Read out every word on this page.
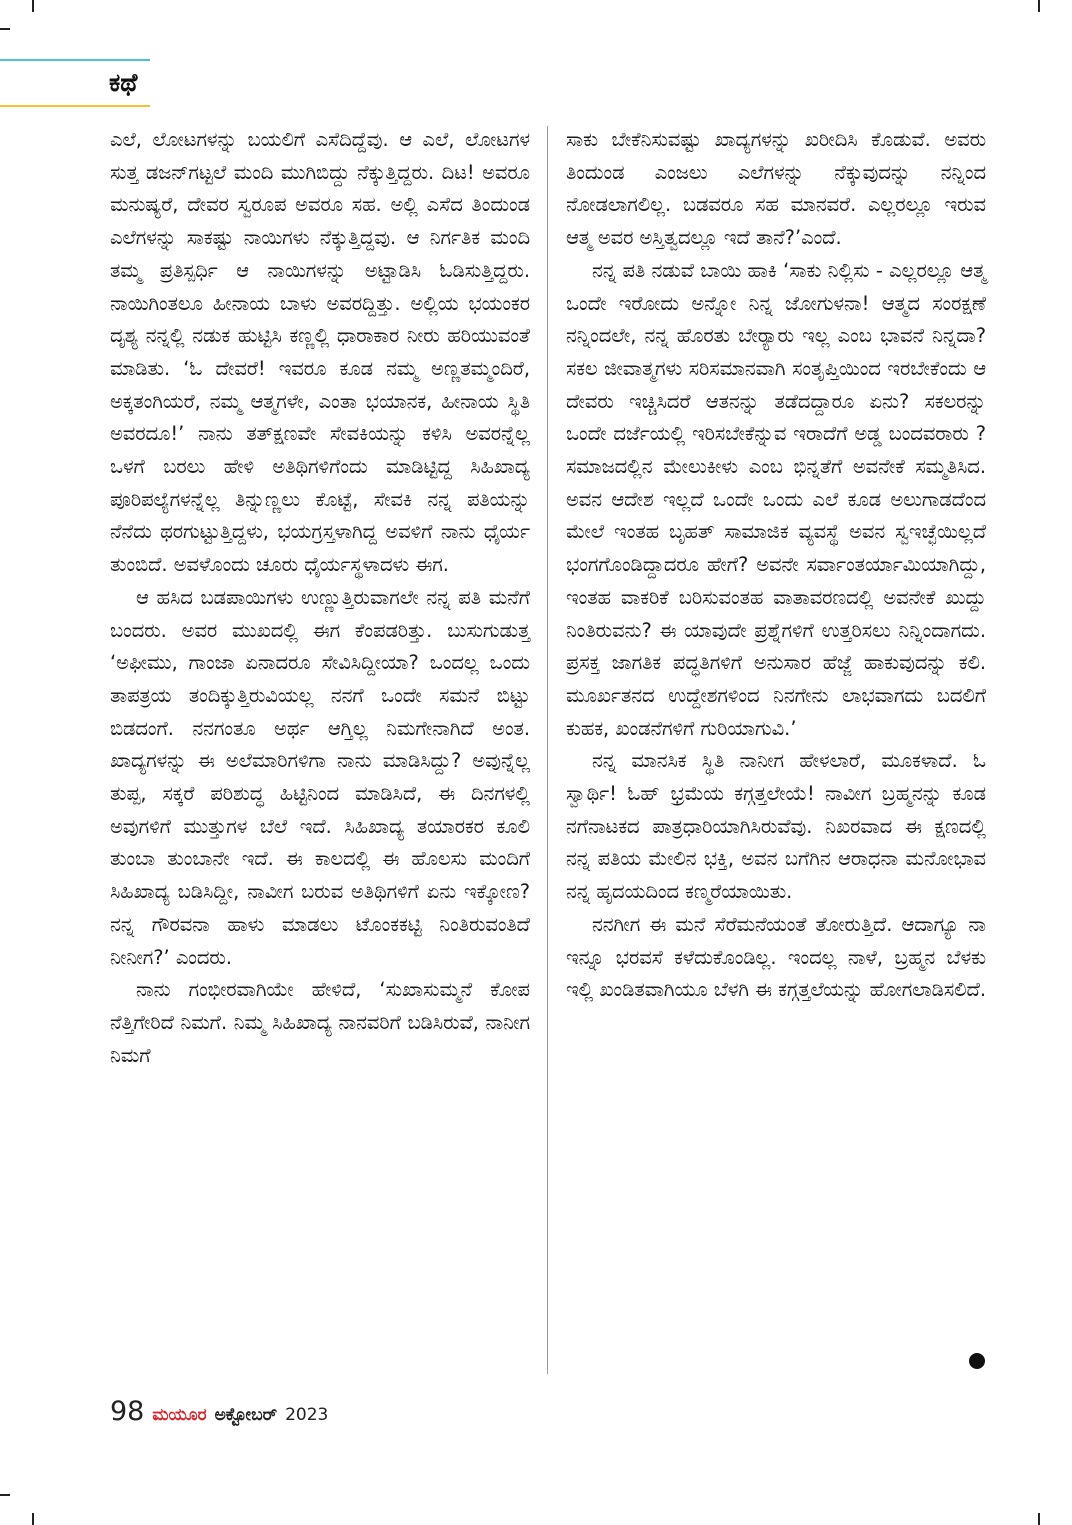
ಕಥೆ

ಎಲೆ, ಲೋಟಗಳನ್ನು ಬಯಲಿಗೆ ಎಸೆದಿದ್ದೆವು. ಆ ಎಲೆ, ಲೋಟಗಳ ಸುತ್ತ ಡಜನ್‌ಗಟ್ಟಲೆ ಮಂದಿ ಮುಗಿಬಿದ್ದು ನೆಕ್ಕುತ್ತಿದ್ದರು. ದಿಟ! ಅವರೂ ಮನುಷ್ಯರೆ, ದೇವರ ಸ್ವರೂಪ ಅವರೂ ಸಹ. ಅಲ್ಲಿ ಎಸೆದ ತಿಂದುಂಡ ಎಲೆಗಳನ್ನು ಸಾಕಷ್ಟು ನಾಯಿಗಳು ನೆಕ್ಕುತ್ತಿದ್ದವು. ಆ ನಿರ್ಗತಿಕ ಮಂದಿ ತಮ್ಮ ಪ್ರತಿಸ್ಪರ್ಧಿ ಆ ನಾಯಿಗಳನ್ನು ಅಟ್ಟಾಡಿಸಿ ಓಡಿಸುತ್ತಿದ್ದರು. ನಾಯಿಗಿಂತಲೂ ಹೀನಾಯ ಬಾಳು ಅವರದ್ದಿತ್ತು. ಅಲ್ಲಿಯ ಭಯಂಕರ ದೃಶ್ಯ ನನ್ನಲ್ಲಿ ನಡುಕ ಹುಟ್ಟಿಸಿ ಕಣ್ಣಲ್ಲಿ ಧಾರಾಕಾರ ನೀರು ಹರಿಯುವಂತೆ ಮಾಡಿತು. ‘ಓ ದೇವರೆ! ಇವರೂ ಕೂಡ ನಮ್ಮ ಅಣ್ಣತಮ್ಮಂದಿರೆ, ಅಕ್ಕತಂಗಿಯರೆ, ನಮ್ಮ ಆತ್ಮಗಳೇ, ಎಂತಾ ಭಯಾನಕ, ಹೀನಾಯ ಸ್ಥಿತಿ ಅವರದೂ!’ ನಾನು ತತ್‌ಕ್ಷಣವೇ ಸೇವಕಿಯನ್ನು ಕಳಿಸಿ ಅವರನ್ನೆಲ್ಲ ಒಳಗೆ ಬರಲು ಹೇಳಿ ಅತಿಥಿಗಳಿಗೆಂದು ಮಾಡಿಟ್ಟಿದ್ದ ಸಿಹಿಖಾದ್ಯ ಪೂರಿಪಲ್ಯೆಗಳನ್ನೆಲ್ಲ ತಿನ್ನುಣ್ಣಲು ಕೊಟ್ಟೆ, ಸೇವಕಿ ನನ್ನ ಪತಿಯನ್ನು ನೆನೆದು ಥರಗುಟ್ಟುತ್ತಿದ್ದಳು, ಭಯಗ್ರಸ್ತಳಾಗಿದ್ದ ಅವಳಿಗೆ ನಾನು ಧೈರ್ಯ ತುಂಬಿದೆ. ಅವಳೊಂದು ಚೂರು ಧೈರ್ಯಸ್ಥಳಾದಳು ಈಗ.

ಆ ಹಸಿದ ಬಡಪಾಯಿಗಳು ಉಣ್ಣುತ್ತಿರುವಾಗಲೇ ನನ್ನ ಪತಿ ಮನೆಗೆ ಬಂದರು. ಅವರ ಮುಖದಲ್ಲಿ ಈಗ ಕೆಂಪಡರಿತ್ತು. ಬುಸುಗುಡುತ್ತ ‘ಅಫೀಮು, ಗಾಂಜಾ ಏನಾದರೂ ಸೇವಿಸಿದ್ದೀಯಾ? ಒಂದಲ್ಲ ಒಂದು ತಾಪತ್ರಯ ತಂದಿಕ್ಕುತ್ತಿರುವಿಯಲ್ಲ ನನಗೆ ಒಂದೇ ಸಮನೆ ಬಿಟ್ಟು ಬಿಡದಂಗೆ. ನನಗಂತೂ ಅರ್ಥ ಆಗ್ತಿಲ್ಲ ನಿಮಗೇನಾಗಿದೆ ಅಂತ. ಖಾದ್ಯಗಳನ್ನು ಈ ಅಲೆಮಾರಿಗಳಿಗಾ ನಾನು ಮಾಡಿಸಿದ್ದು? ಅವುನ್ನೆಲ್ಲ ತುಪ್ಪ, ಸಕ್ಕರೆ ಪರಿಶುದ್ಧ ಹಿಟ್ಟಿನಿಂದ ಮಾಡಿಸಿದೆ, ಈ ದಿನಗಳಲ್ಲಿ ಅವುಗಳಿಗೆ ಮುತ್ತುಗಳ ಬೆಲೆ ಇದೆ. ಸಿಹಿಖಾದ್ಯ ತಯಾರಕರ ಕೂಲಿ ತುಂಬಾ ತುಂಬಾನೇ ಇದೆ. ಈ ಕಾಲದಲ್ಲಿ ಈ ಹೊಲಸು ಮಂದಿಗೆ ಸಿಹಿಖಾದ್ಯ ಬಡಿಸಿದ್ದೀ, ನಾವೀಗ ಬರುವ ಅತಿಥಿಗಳಿಗೆ ಏನು ಇಕ್ಕೋಣ? ನನ್ನ ಗೌರವನಾ ಹಾಳು ಮಾಡಲು ಟೊಂಕಕಟ್ಟಿ ನಿಂತಿರುವಂತಿದೆ ನೀನೀಗ?’ ಎಂದರು.

ನಾನು ಗಂಭೀರವಾಗಿಯೇ ಹೇಳಿದೆ, ‘ಸುಖಾಸುಮ್ಮನೆ ಕೋಪ ನೆತ್ತಿಗೇರಿದೆ ನಿಮಗೆ. ನಿಮ್ಮ ಸಿಹಿಖಾದ್ಯ ನಾನವರಿಗೆ ಬಡಿಸಿರುವೆ, ನಾನೀಗ ನಿಮಗೆ

ಸಾಕು ಬೇಕೆನಿಸುವಷ್ಟು ಖಾದ್ಯಗಳನ್ನು ಖರೀದಿಸಿ ಕೊಡುವೆ. ಅವರು ತಿಂದುಂಡ ಎಂಜಲು ಎಲೆಗಳನ್ನು ನೆಕ್ಕುವುದನ್ನು ನನ್ನಿಂದ ನೋಡಲಾಗಲಿಲ್ಲ. ಬಡವರೂ ಸಹ ಮಾನವರೆ. ಎಲ್ಲರಲ್ಲೂ ಇರುವ ಆತ್ಮ ಅವರ ಅಸ್ತಿತ್ವದಲ್ಲೂ ಇದೆ ತಾನೆ?’ಎಂದೆ.

ನನ್ನ ಪತಿ ನಡುವೆ ಬಾಯಿ ಹಾಕಿ ‘ಸಾಕು ನಿಲ್ಲಿಸು - ಎಲ್ಲರಲ್ಲೂ ಆತ್ಮ ಒಂದೇ ಇರೋದು ಅನ್ನೋ ನಿನ್ನ ಜೋಗುಳನಾ! ಆತ್ಮದ ಸಂರಕ್ಷಣೆ ನನ್ನಿಂದಲೇ, ನನ್ನ ಹೊರತು ಬೇರ್‍ಯಾರು ಇಲ್ಲ ಎಂಬ ಭಾವನೆ ನಿನ್ನದಾ? ಸಕಲ ಜೀವಾತ್ಮಗಳು ಸರಿಸಮಾನವಾಗಿ ಸಂತೃಪ್ತಿಯಿಂದ ಇರಬೇಕೆಂದು ಆ ದೇವರು ಇಚ್ಚಿಸಿದರೆ ಆತನನ್ನು ತಡೆದದ್ದಾರೂ ಏನು? ಸಕಲರನ್ನು ಒಂದೇ ದರ್ಜೆಯಲ್ಲಿ ಇರಿಸಬೇಕೆನ್ನುವ ಇರಾದೆಗೆ ಅಡ್ಡ ಬಂದವರಾರು ? ಸಮಾಜದಲ್ಲಿನ ಮೇಲುಕೀಳು ಎಂಬ ಭಿನ್ನತೆಗೆ ಅವನೇಕೆ ಸಮ್ಮತಿಸಿದ. ಅವನ ಆದೇಶ ಇಲ್ಲದೆ ಒಂದೇ ಒಂದು ಎಲೆ ಕೂಡ ಅಲುಗಾಡದೆಂದ ಮೇಲೆ ಇಂತಹ ಬೃಹತ್ ಸಾಮಾಜಿಕ ವ್ಯವಸ್ಥೆ ಅವನ ಸ್ವಇಚ್ಛೆಯಿಲ್ಲದೆ ಭಂಗಗೊಂಡಿದ್ದಾದರೂ ಹೇಗೆ? ಅವನೇ ಸರ್ವಾಂತರ್ಯಾಮಿಯಾಗಿದ್ದು, ಇಂತಹ ವಾಕರಿಕೆ ಬರಿಸುವಂತಹ ವಾತಾವರಣದಲ್ಲಿ ಅವನೇಕೆ ಖುದ್ದು ನಿಂತಿರುವನು? ಈ ಯಾವುದೇ ಪ್ರಶ್ನೆಗಳಿಗೆ ಉತ್ತರಿಸಲು ನಿನ್ನಿಂದಾಗದು. ಪ್ರಸಕ್ತ ಜಾಗತಿಕ ಪದ್ಧತಿಗಳಿಗೆ ಅನುಸಾರ ಹೆಜ್ಜೆ ಹಾಕುವುದನ್ನು ಕಲಿ. ಮೂರ್ಖತನದ ಉದ್ದೇಶಗಳಿಂದ ನಿನಗೇನು ಲಾಭವಾಗದು ಬದಲಿಗೆ ಕುಹಕ, ಖಂಡನೆಗಳಿಗೆ ಗುರಿಯಾಗುವಿ.’

ನನ್ನ ಮಾನಸಿಕ ಸ್ಥಿತಿ ನಾನೀಗ ಹೇಳಲಾರೆ, ಮೂಕಳಾದೆ. ಓ ಸ್ವಾರ್ಥಿ! ಓಹ್ ಭ್ರಮೆಯ ಕಗ್ಗತ್ತಲೇಯೆ! ನಾವೀಗ ಬ್ರಹ್ಮನನ್ನು ಕೂಡ ನಗೆನಾಟಕದ ಪಾತ್ರಧಾರಿಯಾಗಿಸಿರುವೆವು. ನಿಖರವಾದ ಈ ಕ್ಷಣದಲ್ಲಿ ನನ್ನ ಪತಿಯ ಮೇಲಿನ ಭಕ್ತಿ, ಅವನ ಬಗೆಗಿನ ಆರಾಧನಾ ಮನೋಭಾವ ನನ್ನ ಹೃದಯದಿಂದ ಕಣ್ಮರೆಯಾಯಿತು.

ನನಗೀಗ ಈ ಮನೆ ಸೆರೆಮನೆಯಂತೆ ತೋರುತ್ತಿದೆ. ಆದಾಗ್ಯೂ ನಾ ಇನ್ನೂ ಭರವಸೆ ಕಳೆದುಕೊಂಡಿಲ್ಲ. ಇಂದಲ್ಲ ನಾಳೆ, ಬ್ರಹ್ಮನ ಬೆಳಕು ಇಲ್ಲಿ ಖಂಡಿತವಾಗಿಯೂ ಬೆಳಗಿ ಈ ಕಗ್ಗತ್ತಲೆಯನ್ನು ಹೋಗಲಾಡಿಸಲಿದೆ.

98 ಮಯೂರ ಅಕ್ಟೋಬರ್ 2023
